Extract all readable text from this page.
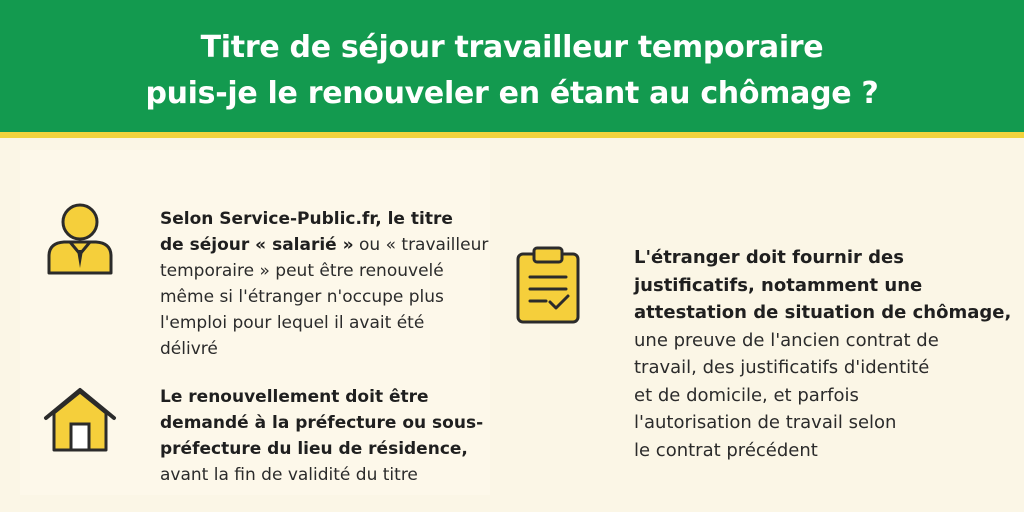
Titre de séjour travailleur temporaire
puis-je le renouveler en étant au chômage ?
Selon Service-Public.fr, le titre
de séjour « salarié » ou « travailleur
temporaire » peut être renouvelé
même si l'étranger n'occupe plus
l'emploi pour lequel il avait été
délivré
Le renouvellement doit être
demandé à la préfecture ou sous-
préfecture du lieu de résidence,
avant la fin de validité du titre
L'étranger doit fournir des
justificatifs, notamment une
attestation de situation de chômage,
une preuve de l'ancien contrat de
travail, des justificatifs d'identité
et de domicile, et parfois
l'autorisation de travail selon
le contrat précédent
